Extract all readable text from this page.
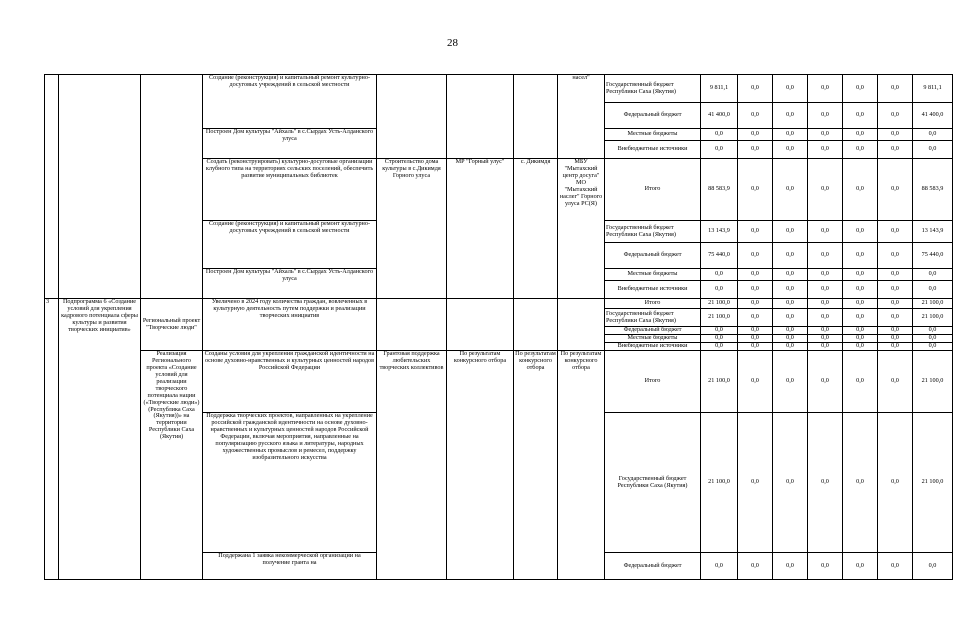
28
			Создание (реконструкция) и капитальный ремонт культурно-досуговых учреждений в сельской местности				насел"	Государственный бюджет Республики Саха (Якутия)	9 811,1	0,0	0,0	0,0	0,0	0,0	9 811,1
								Федеральный бюджет	41 400,0	0,0	0,0	0,0	0,0	0,0	41 400,0
			Построен Дом культуры "Айхаль" в с.Сырдах Усть-Алданского улуса					Местные бюджеты	0,0	0,0	0,0	0,0	0,0	0,0	0,0
								Внебюджетные источники	0,0	0,0	0,0	0,0	0,0	0,0	0,0
			Создать (реконструировать) культурно-досуговые организации клубного типа на территориях сельских поселений, обеспечить развитие муниципальных библиотек	Строительство дома культуры в с.Дикимдя Горного улуса	МР "Горный улус"	с. Дикимдя	МБУ "Мытахский центр досуга" МО "Мытахский наслег" Горного улуса РС(Я)	Итого	88 583,9	0,0	0,0	0,0	0,0	0,0	88 583,9
			Создание (реконструкция) и капитальный ремонт культурно-досуговых учреждений в сельской местности					Государственный бюджет Республики Саха (Якутия)	13 143,9	0,0	0,0	0,0	0,0	0,0	13 143,9
								Федеральный бюджет	75 440,0	0,0	0,0	0,0	0,0	0,0	75 440,0
			Построен Дом культуры "Айхаль" в с.Сырдах Усть-Алданского улуса					Местные бюджеты	0,0	0,0	0,0	0,0	0,0	0,0	0,0
								Внебюджетные источники	0,0	0,0	0,0	0,0	0,0	0,0	0,0
3	Подпрограмма 6 «Создание условий для укрепления кадрового потенциала сферы культуры и развития творческих инициатив»	Региональный проект "Творческие люди"	Увеличено в 2024 году количества граждан, вовлеченных в культурную деятельность путем поддержки и реализации творческих инициатив					Итого	21 100,0	0,0	0,0	0,0	0,0	0,0	21 100,0
								Государственный бюджет Республики Саха (Якутия)	21 100,0	0,0	0,0	0,0	0,0	0,0	21 100,0
								Федеральный бюджет	0,0	0,0	0,0	0,0	0,0	0,0	0,0
								Местные бюджеты	0,0	0,0	0,0	0,0	0,0	0,0	0,0
								Внебюджетные источники	0,0	0,0	0,0	0,0	0,0	0,0	0,0
		Реализация Регионального проекта «Создание условий для реализации творческого потенциала нации («Творческие люди»)(Республика Саха (Якутия))» на территории Республики Саха (Якутия)	Созданы условия для укрепления гражданской идентичности на основе духовно-нравственных и культурных ценностей народов Российской Федерации	Грантовая поддержка любительских творческих коллективов	По результатам конкурсного отбора	По результатам конкурсного отбора	По результатам конкурсного отбора	Итого	21 100,0	0,0	0,0	0,0	0,0	0,0	21 100,0
			Поддержка творческих проектов, направленных на укрепление российской гражданской идентичности на основе духовно-нравственных и культурных ценностей народов Российской Федерации, включая мероприятия, направленные на популяризацию русского языка и литературы, народных художественных промыслов и ремесел, поддержку изобразительного искусства					Государственный бюджет Республики Саха (Якутия)	21 100,0	0,0	0,0	0,0	0,0	0,0	21 100,0
			Поддержана 1 заявка некоммерческой организации на получение гранта на					Федеральный бюджет	0,0	0,0	0,0	0,0	0,0	0,0	0,0
